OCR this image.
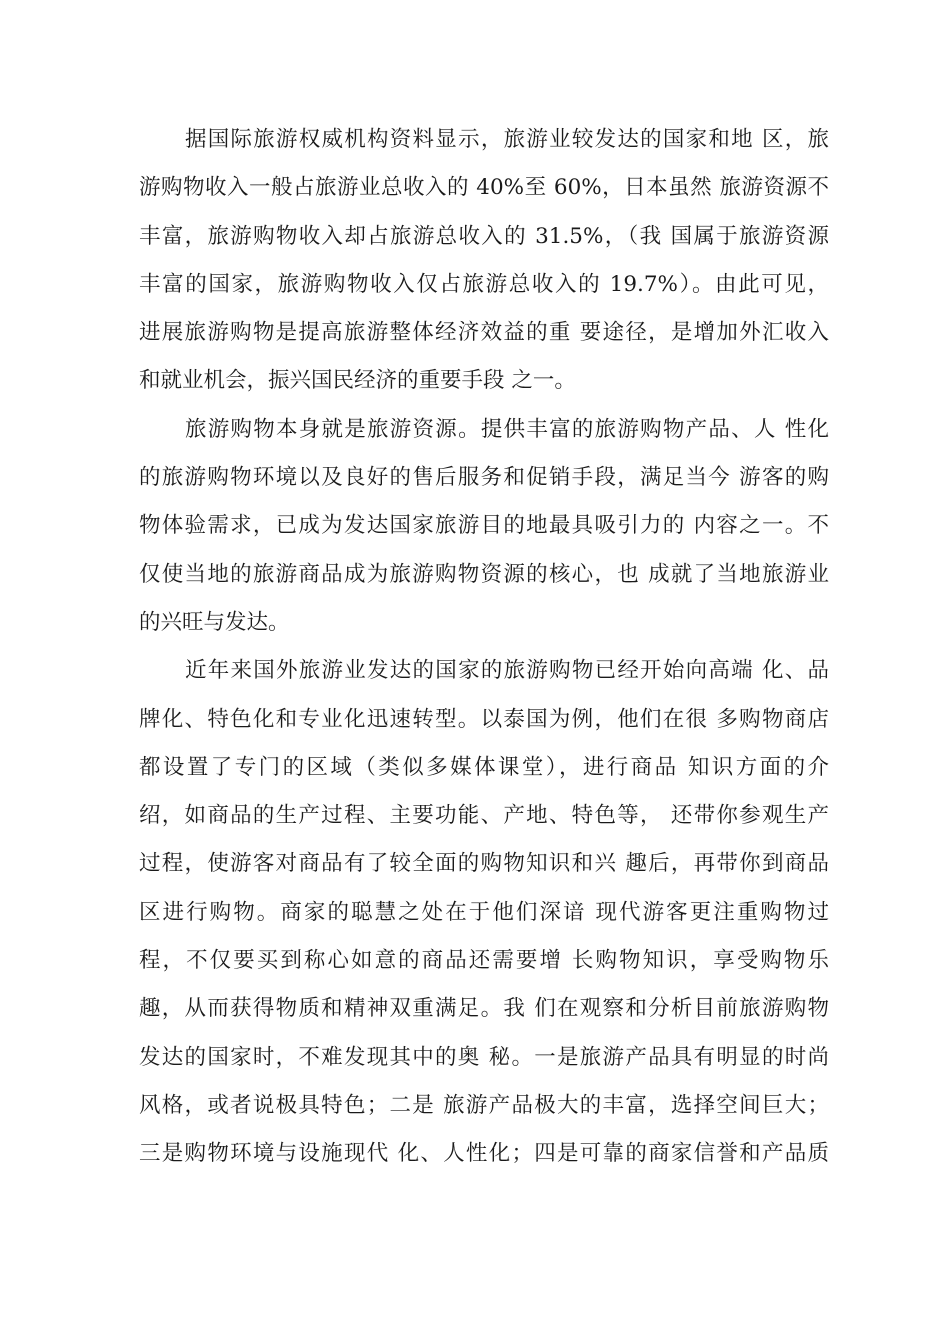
据国际旅游权威机构资料显示，旅游业较发达的国家和地 区，旅
游购物收入一般占旅游业总收入的 40%至 60%，日本虽然 旅游资源不
丰富，旅游购物收入却占旅游总收入的 31.5%，（我 国属于旅游资源
丰富的国家，旅游购物收入仅占旅游总收入的 19.7%）。由此可见，
进展旅游购物是提高旅游整体经济效益的重 要途径，是增加外汇收入
和就业机会，振兴国民经济的重要手段 之一。

旅游购物本身就是旅游资源。提供丰富的旅游购物产品、人 性化
的旅游购物环境以及良好的售后服务和促销手段，满足当今 游客的购
物体验需求，已成为发达国家旅游目的地最具吸引力的 内容之一。不
仅使当地的旅游商品成为旅游购物资源的核心，也 成就了当地旅游业
的兴旺与发达。

近年来国外旅游业发达的国家的旅游购物已经开始向高端 化、品
牌化、特色化和专业化迅速转型。以泰国为例，他们在很 多购物商店
都设置了专门的区域（类似多媒体课堂），进行商品 知识方面的介
绍，如商品的生产过程、主要功能、产地、特色等， 还带你参观生产
过程，使游客对商品有了较全面的购物知识和兴 趣后，再带你到商品
区进行购物。商家的聪慧之处在于他们深谙 现代游客更注重购物过
程，不仅要买到称心如意的商品还需要增 长购物知识，享受购物乐
趣，从而获得物质和精神双重满足。我 们在观察和分析目前旅游购物
发达的国家时，不难发现其中的奥 秘。一是旅游产品具有明显的时尚
风格，或者说极具特色；二是 旅游产品极大的丰富，选择空间巨大；
三是购物环境与设施现代 化、人性化；四是可靠的商家信誉和产品质
